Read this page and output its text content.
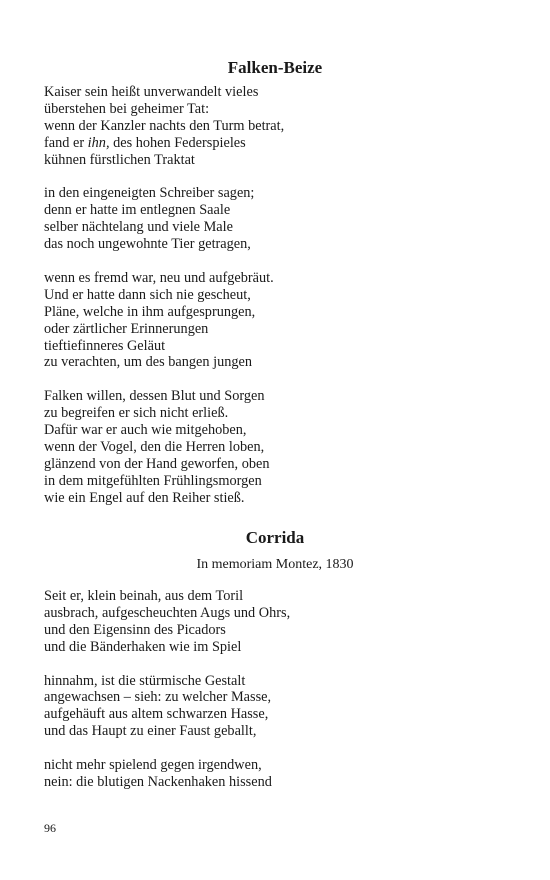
Falken-Beize
Kaiser sein heißt unverwandelt vieles
überstehen bei geheimer Tat:
wenn der Kanzler nachts den Turm betrat,
fand er ihn, des hohen Federspieles
kühnen fürstlichen Traktat
in den eingeneigten Schreiber sagen;
denn er hatte im entlegnen Saale
selber nächtelang und viele Male
das noch ungewohnte Tier getragen,
wenn es fremd war, neu und aufgebräut.
Und er hatte dann sich nie gescheut,
Pläne, welche in ihm aufgesprungen,
oder zärtlicher Erinnerungen
tieftiefinneres Geläut
zu verachten, um des bangen jungen
Falken willen, dessen Blut und Sorgen
zu begreifen er sich nicht erließ.
Dafür war er auch wie mitgehoben,
wenn der Vogel, den die Herren loben,
glänzend von der Hand geworfen, oben
in dem mitgefühlten Frühlingsmorgen
wie ein Engel auf den Reiher stieß.
Corrida
In memoriam Montez, 1830
Seit er, klein beinah, aus dem Toril
ausbrach, aufgescheuchten Augs und Ohrs,
und den Eigensinn des Picadors
und die Bänderhaken wie im Spiel
hinnahm, ist die stürmische Gestalt
angewachsen – sieh: zu welcher Masse,
aufgehäuft aus altem schwarzen Hasse,
und das Haupt zu einer Faust geballt,
nicht mehr spielend gegen irgendwen,
nein: die blutigen Nackenhaken hissend
96
